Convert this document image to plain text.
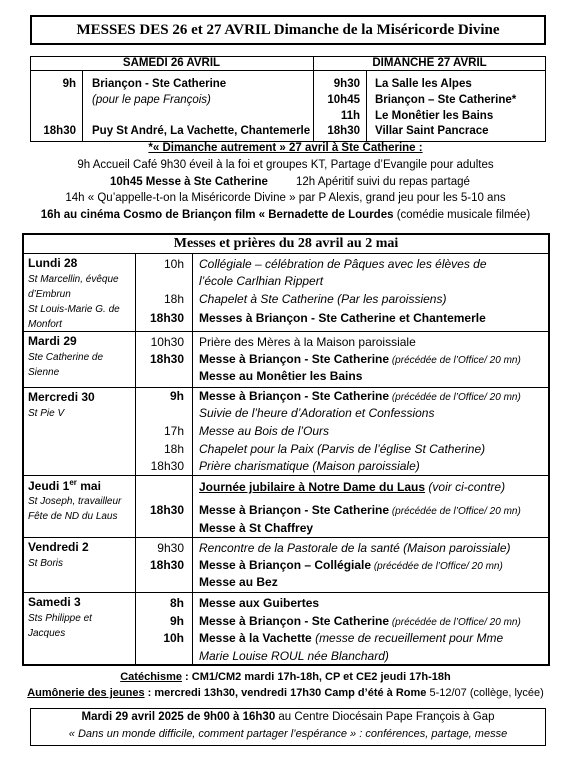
MESSES DES 26 et 27 AVRIL Dimanche de la Miséricorde Divine
SAMEDI 26 AVRIL	DIMANCHE 27 AVRIL
9h Briançon - Ste Catherine
(pour le pape François)
18h30 Puy St André, La Vachette, Chantemerle
9h30 La Salle les Alpes
10h45 Briançon – Ste Catherine*
11h Le Monêtier les Bains
18h30 Villar Saint Pancrace
*« Dimanche autrement » 27 avril à Ste Catherine :
9h Accueil Café 9h30 éveil à la foi et groupes KT, Partage d’Evangile pour adultes
10h45 Messe à Ste Catherine 12h Apéritif suivi du repas partagé
14h « Qu’appelle-t-on la Miséricorde Divine » par P Alexis, grand jeu pour les 5-10 ans
16h au cinéma Cosmo de Briançon film « Bernadette de Lourdes (comédie musicale filmée)
Messes et prières du 28 avril au 2 mai
Lundi 28
St Marcellin, évêque
d’Embrun
St Louis-Marie G. de
Monfort
10h Collégiale – célébration de Pâques avec les élèves de
l’école Carlhian Rippert
18h Chapelet à Ste Catherine (Par les paroissiens)
18h30 Messes à Briançon - Ste Catherine et Chantemerle
Mardi 29
Ste Catherine de
Sienne
10h30 Prière des Mères à la Maison paroissiale
18h30 Messe à Briançon - Ste Catherine (précédée de l’Office/ 20 mn)
Messe au Monêtier les Bains
Mercredi 30
St Pie V
9h Messe à Briançon - Ste Catherine (précédée de l’Office/ 20 mn)
Suivie de l’heure d’Adoration et Confessions
17h Messe au Bois de l’Ours
18h Chapelet pour la Paix (Parvis de l’église St Catherine)
18h30 Prière charismatique (Maison paroissiale)
Jeudi 1er mai
St Joseph, travailleur
Fête de ND du Laus
Journée jubilaire à Notre Dame du Laus (voir ci-contre)
18h30 Messe à Briançon - Ste Catherine (précédée de l’Office/ 20 mn)
Messe à St Chaffrey
Vendredi 2
St Boris
9h30 Rencontre de la Pastorale de la santé (Maison paroissiale)
18h30 Messe à Briançon – Collégiale (précédée de l’Office/ 20 mn)
Messe au Bez
Samedi 3
Sts Philippe et
Jacques
8h Messe aux Guibertes
9h Messe à Briançon - Ste Catherine (précédée de l’Office/ 20 mn)
10h Messe à la Vachette (messe de recueillement pour Mme
Marie Louise ROUL née Blanchard)
Catéchisme : CM1/CM2 mardi 17h-18h, CP et CE2 jeudi 17h-18h
Aumônerie des jeunes : mercredi 13h30, vendredi 17h30 Camp d’été à Rome 5-12/07 (collège, lycée)
Mardi 29 avril 2025 de 9h00 à 16h30 au Centre Diocésain Pape François à Gap
« Dans un monde difficile, comment partager l’espérance » : conférences, partage, messe
